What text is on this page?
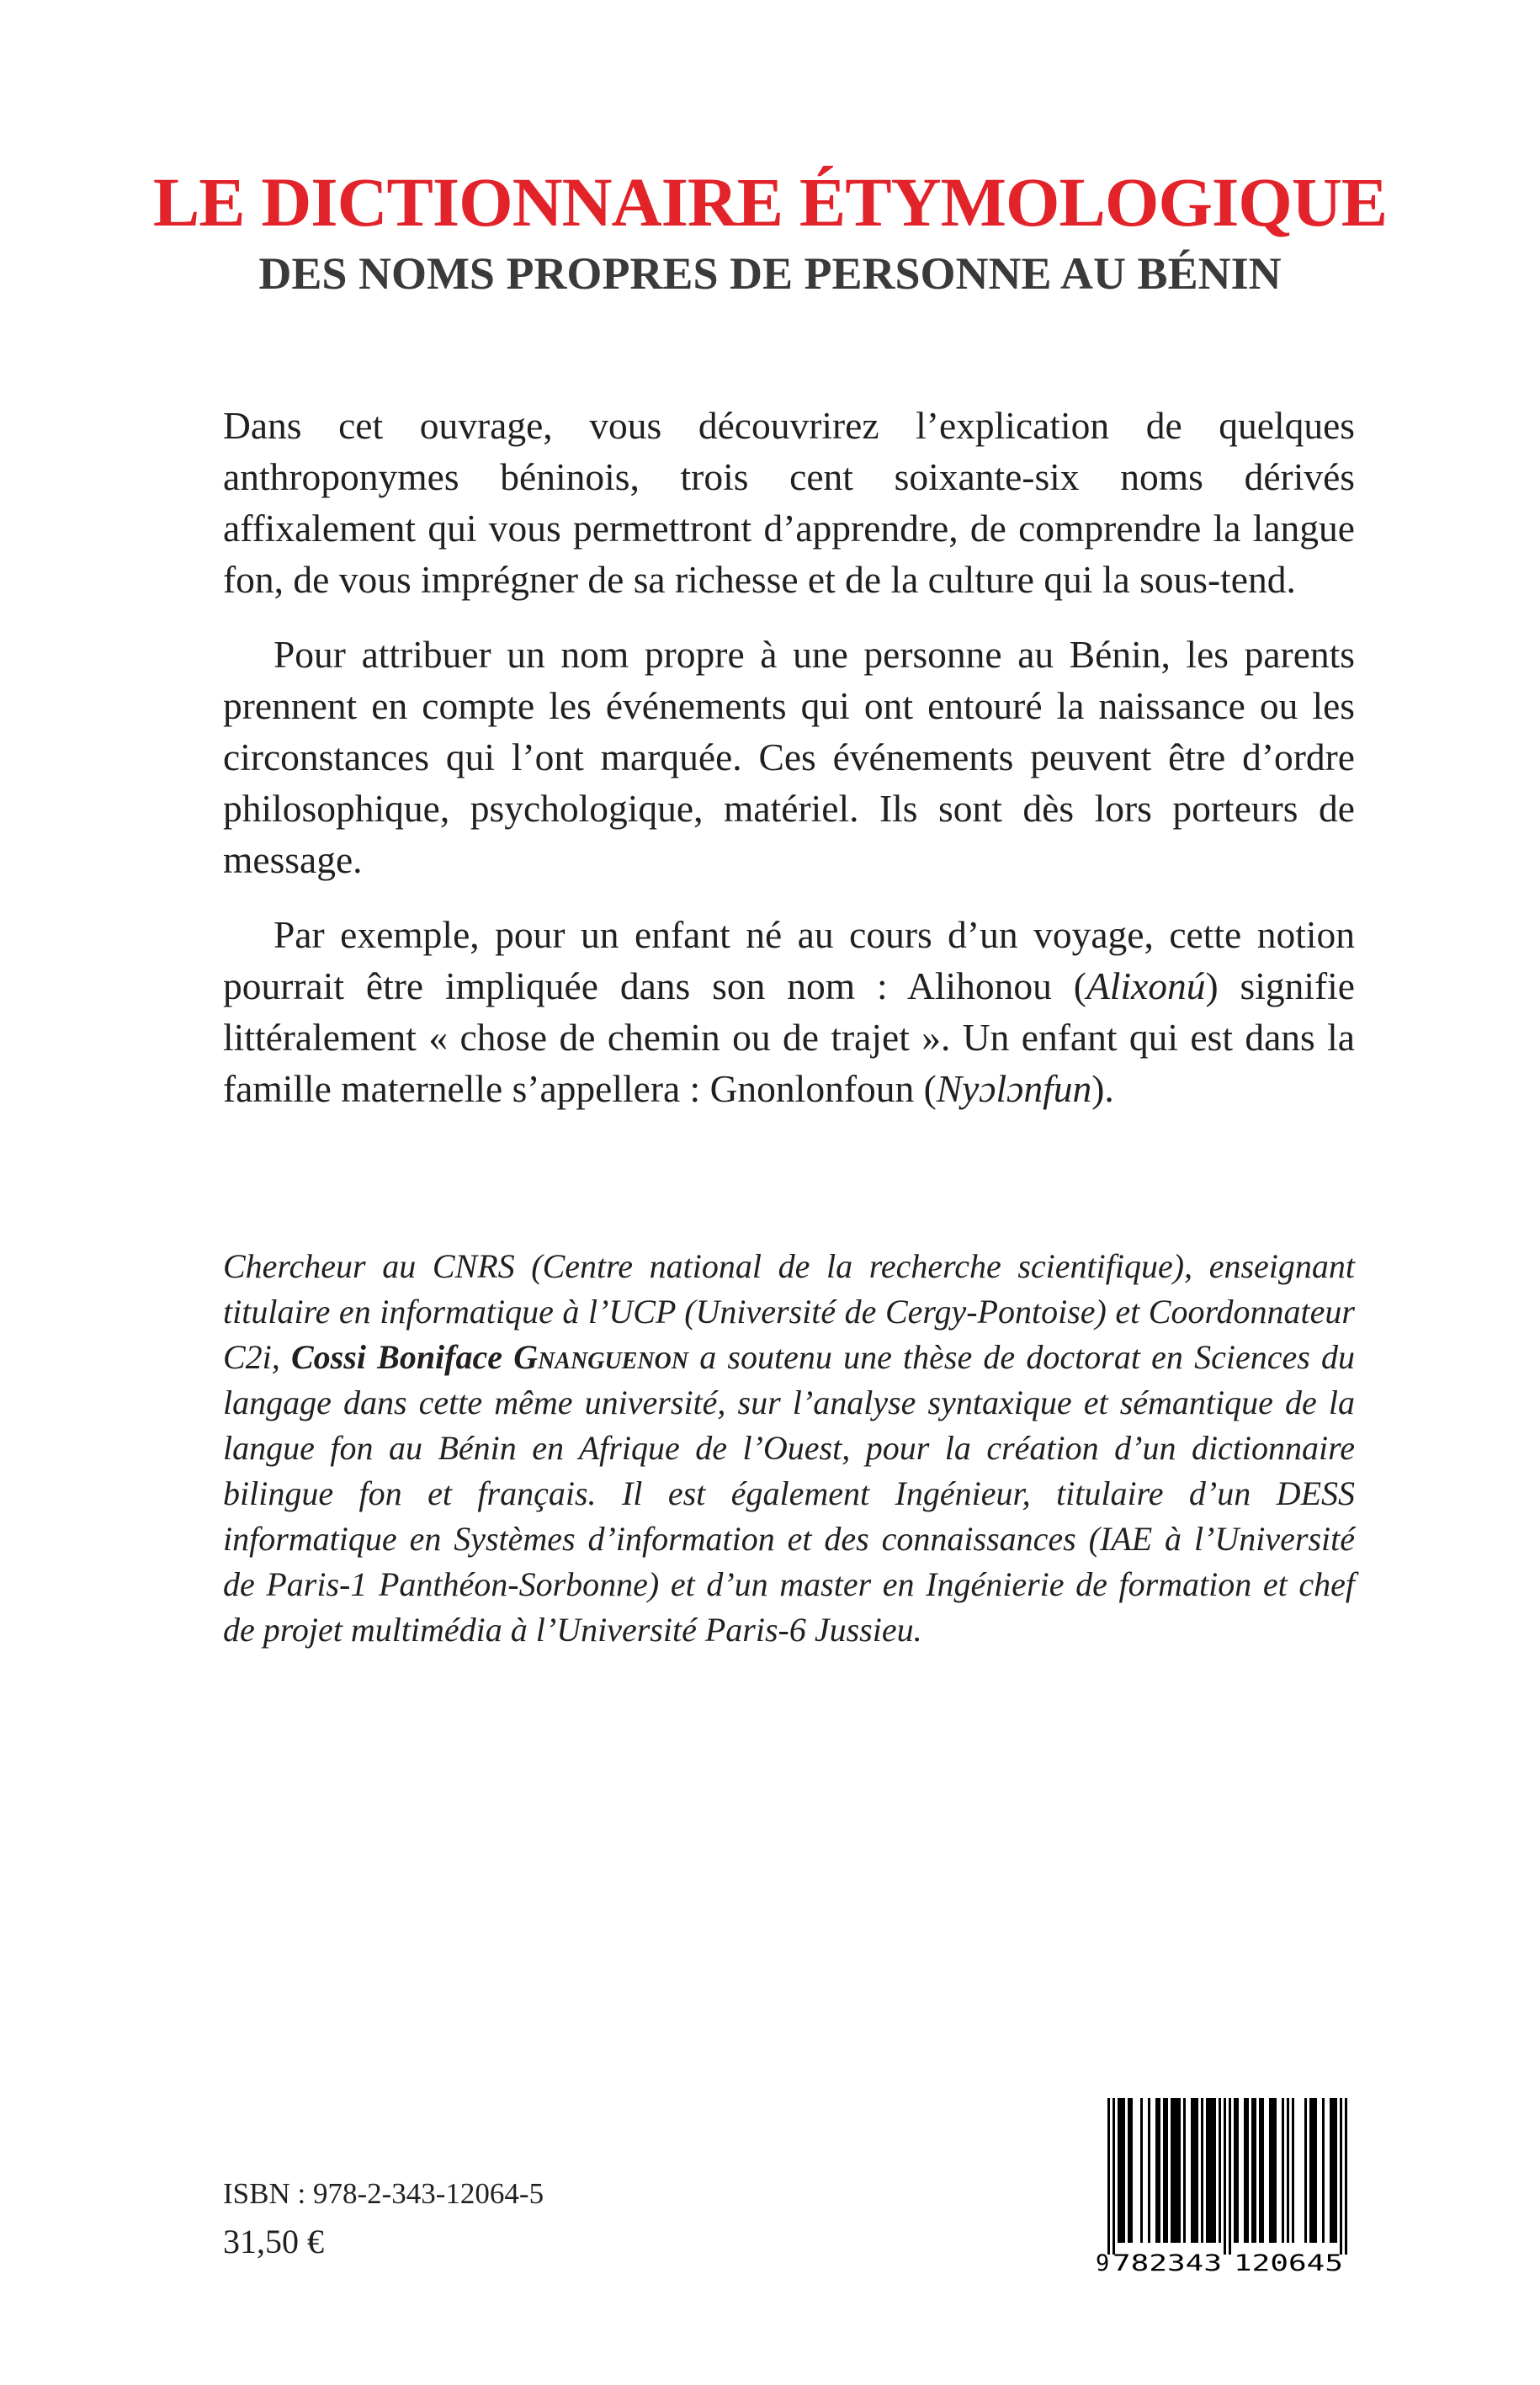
LE DICTIONNAIRE ÉTYMOLOGIQUE
DES NOMS PROPRES DE PERSONNE AU BÉNIN

Dans cet ouvrage, vous découvrirez l’explication de quelques anthroponymes béninois, trois cent soixante-six noms dérivés affixalement qui vous permettront d’apprendre, de comprendre la langue fon, de vous imprégner de sa richesse et de la culture qui la sous-tend.

Pour attribuer un nom propre à une personne au Bénin, les parents prennent en compte les événements qui ont entouré la naissance ou les circonstances qui l’ont marquée. Ces événements peuvent être d’ordre philosophique, psychologique, matériel. Ils sont dès lors porteurs de message.

Par exemple, pour un enfant né au cours d’un voyage, cette notion pourrait être impliquée dans son nom : Alihonou (Alixonú) signifie littéralement « chose de chemin ou de trajet ». Un enfant qui est dans la famille maternelle s’appellera : Gnonlonfoun (Nyɔlɔnfun).

Chercheur au CNRS (Centre national de la recherche scientifique), enseignant titulaire en informatique à l’UCP (Université de Cergy-Pontoise) et Coordonnateur C2i, Cossi Boniface Gnanguenon a soutenu une thèse de doctorat en Sciences du langage dans cette même université, sur l’analyse syntaxique et sémantique de la langue fon au Bénin en Afrique de l’Ouest, pour la création d’un dictionnaire bilingue fon et français. Il est également Ingénieur, titulaire d’un DESS informatique en Systèmes d’information et des connaissances (IAE à l’Université de Paris-1 Panthéon-Sorbonne) et d’un master en Ingénierie de formation et chef de projet multimédia à l’Université Paris-6 Jussieu.
ISBN : 978-2-343-12064-5
31,50 €
9 782343 120645
